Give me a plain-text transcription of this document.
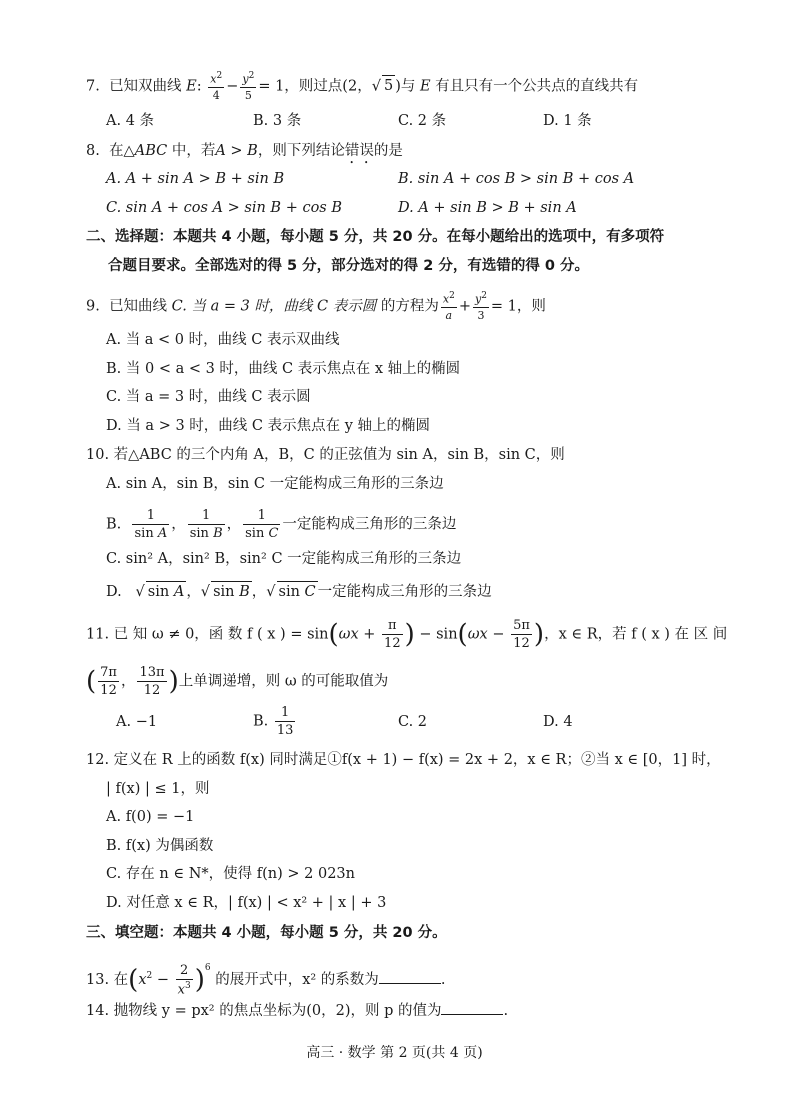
7. 已知双曲线 E: $\frac{x^2}{4} - \frac{y^2}{5} = 1$，则过点(2，√ 5 )与 E 有且只有一个公共点的直线共有
A. 4 条	B. 3 条	C. 2 条	D. 1 条
8. 在△ABC 中，若A > B，则下列结论错误的是
A. A + sin A > B + sin B	B. sin A + cos B > sin B + cos A
C. sin A + cos A > sin B + cos B	D. A + sin B > B + sin A
二、选择题：本题共 4 小题，每小题 5 分，共 20 分。在每小题给出的选项中，有多项符
合题目要求。全部选对的得 5 分，部分选对的得 2 分，有选错的得 0 分。
9. 已知曲线 C. 当 a = 3 时，曲线 C 表示圆 的方程为 $\frac{x^2}{a} + \frac{y^2}{3} = 1$，则
A. 当 a < 0 时，曲线 C 表示双曲线
B. 当 0 < a < 3 时，曲线 C 表示焦点在 x 轴上的椭圆
C. 当 a = 3 时，曲线 C 表示圆
D. 当 a > 3 时，曲线 C 表示焦点在 y 轴上的椭圆
10. 若△ABC 的三个内角 A，B，C 的正弦值为 sin A，sin B，sin C，则
A. sin A，sin B，sin C 一定能构成三角形的三条边
B. $\frac{1}{\text{sin A}}$ ， $\frac{1}{\text{sin B}}$ ， $\frac{1}{\text{sin C}}$ 一定能构成三角形的三条边
C. sin² A，sin² B，sin² C 一定能构成三角形的三条边
D.   √ sin A ，√ sin B ，√ sin C 一定能构成三角形的三条边
11. 已 知 ω ≠ 0，函 数 f ( x ) = $\sin(\omega x + \frac{\pi}{12}$ ) − $\sin(\omega x - \frac{5\pi}{12}$ )，x ∈ R，若 f ( x ) 在 区 间
( $\frac{7\pi}{12}$ ， $\frac{13\pi}{12}$ )上单调递增，则 ω 的可能取值为
A. −1	B. $\frac{1}{13}$	C. 2	D. 4
12. 定义在 R 上的函数 f(x) 同时满足①f(x + 1) − f(x) = 2x + 2，x ∈ R；②当 x ∈ [0，1] 时，
| f(x) | ≤ 1，则
A. f(0) = −1
B. f(x) 为偶函数
C. 存在 n ∈ N*，使得 f(n) > 2 023n
D. 对任意 x ∈ R，| f(x) | < x² + | x | + 3
三、填空题：本题共 4 小题，每小题 5 分，共 20 分。
13. 在$(x^2 - \frac{2}{x^3} )^6$ 的展开式中，x² 的系数为	.
14. 抛物线 y = px² 的焦点坐标为(0，2)，则 p 的值为	.
高三 · 数学 第 2 页(共 4 页)
